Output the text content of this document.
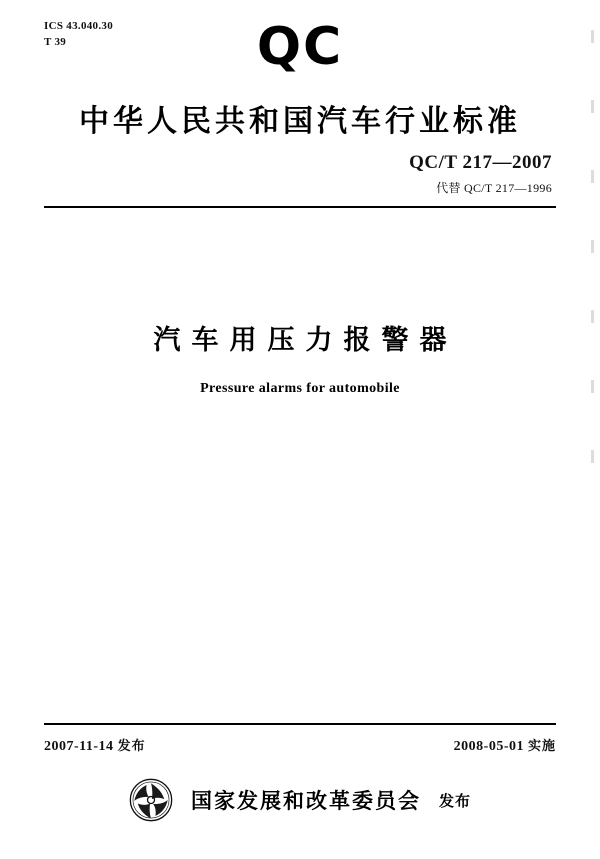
ICS 43.040.30
T 39	QC
中华人民共和国汽车行业标准
QC/T 217—2007
代替 QC/T 217—1996
汽车用压力报警器
Pressure alarms for automobile
2007-11-14 发布	2008-05-01 实施
国家发展和改革委员会 发布
